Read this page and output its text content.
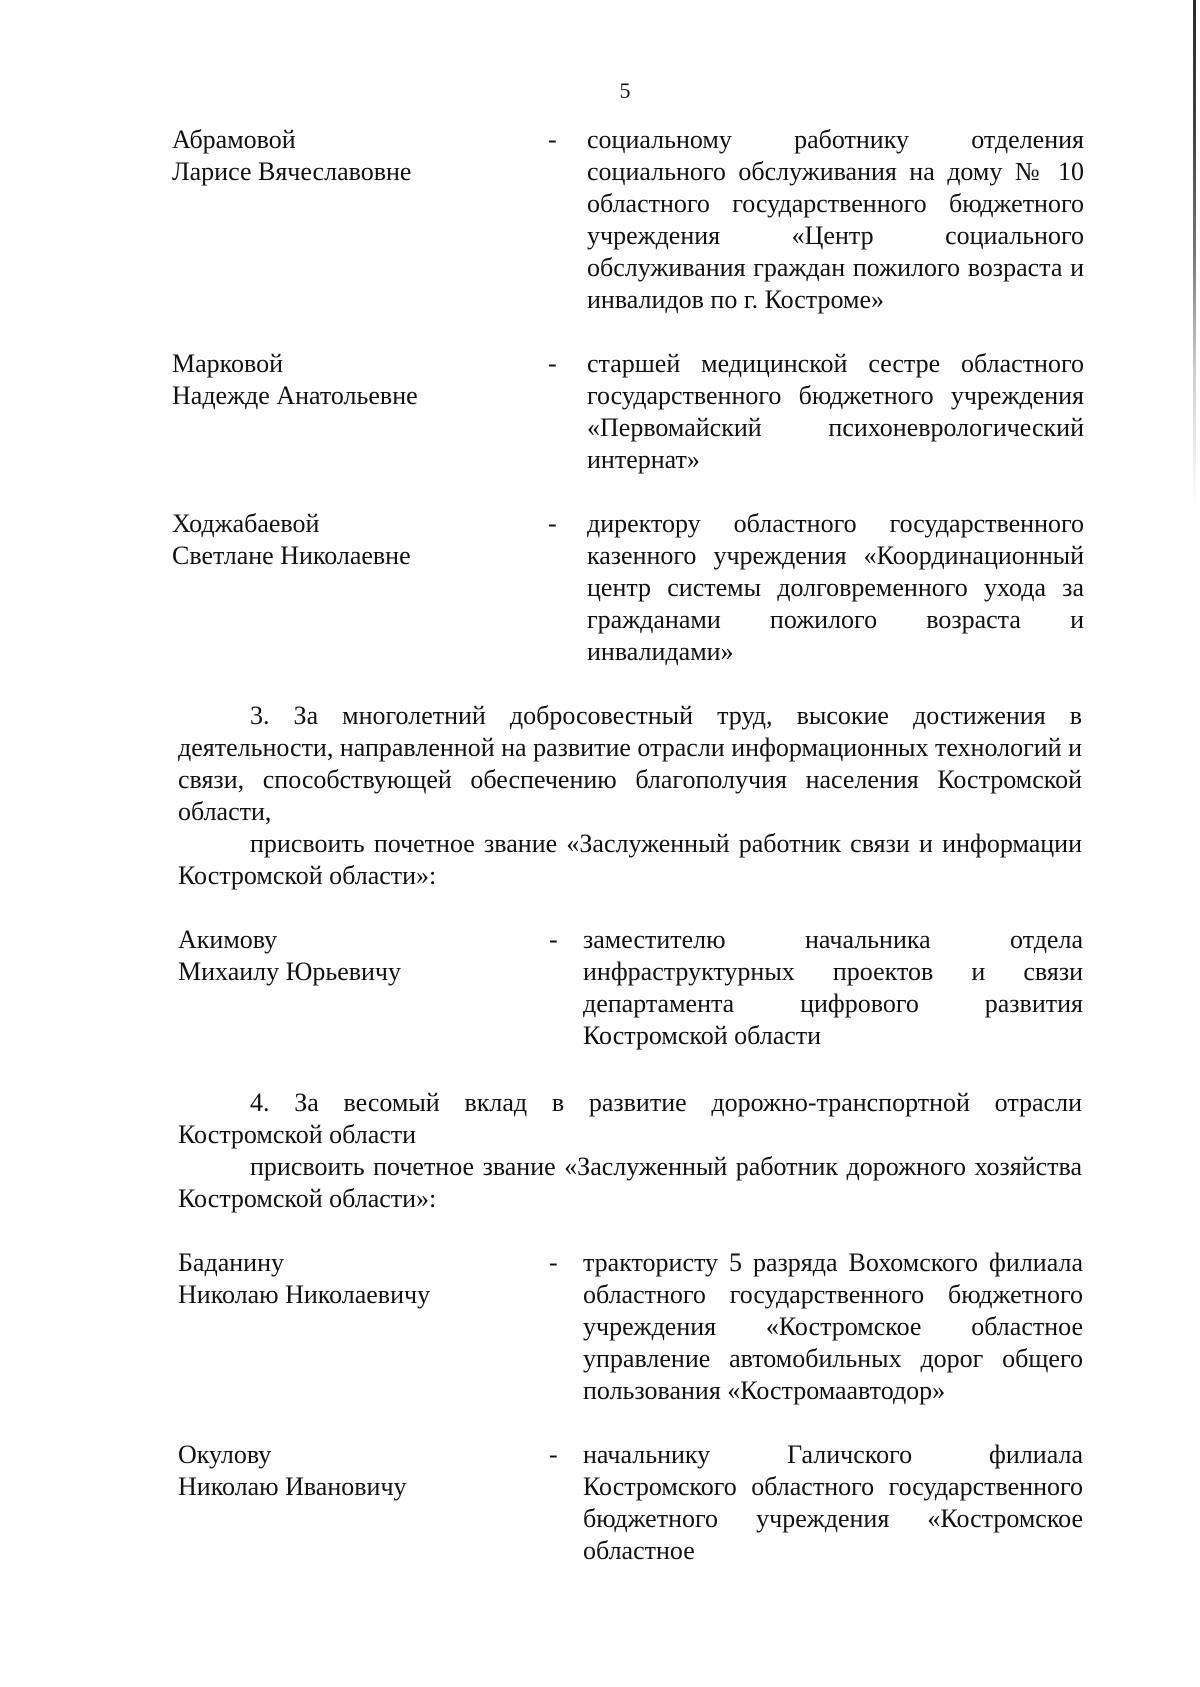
5
Абрамовой
Ларисе Вячеславовне
- социальному работнику отделения социального обслуживания на дому № 10 областного государственного бюджетного учреждения «Центр социального обслуживания граждан пожилого возраста и инвалидов по г. Костроме»
Марковой
Надежде Анатольевне
- старшей медицинской сестре областного государственного бюджетного учреждения «Первомайский психоневрологический интернат»
Ходжабаевой
Светлане Николаевне
- директору областного государственного казенного учреждения «Координационный центр системы долговременного ухода за гражданами пожилого возраста и инвалидами»

3. За многолетний добросовестный труд, высокие достижения в деятельности, направленной на развитие отрасли информационных технологий и связи, способствующей обеспечению благополучия населения Костромской области,

присвоить почетное звание «Заслуженный работник связи и информации Костромской области»:

Акимову
Михаилу Юрьевичу
- заместителю начальника отдела инфраструктурных проектов и связи департамента цифрового развития Костромской области

4. За весомый вклад в развитие дорожно-транспортной отрасли Костромской области

присвоить почетное звание «Заслуженный работник дорожного хозяйства Костромской области»:

Баданину
Николаю Николаевичу
- трактористу 5 разряда Вохомского филиала областного государственного бюджетного учреждения «Костромское областное управление автомобильных дорог общего пользования «Костромаавтодор»
Окулову
Николаю Ивановичу
- начальнику Галичского филиала Костромского областного государственного бюджетного учреждения «Костромское областное
